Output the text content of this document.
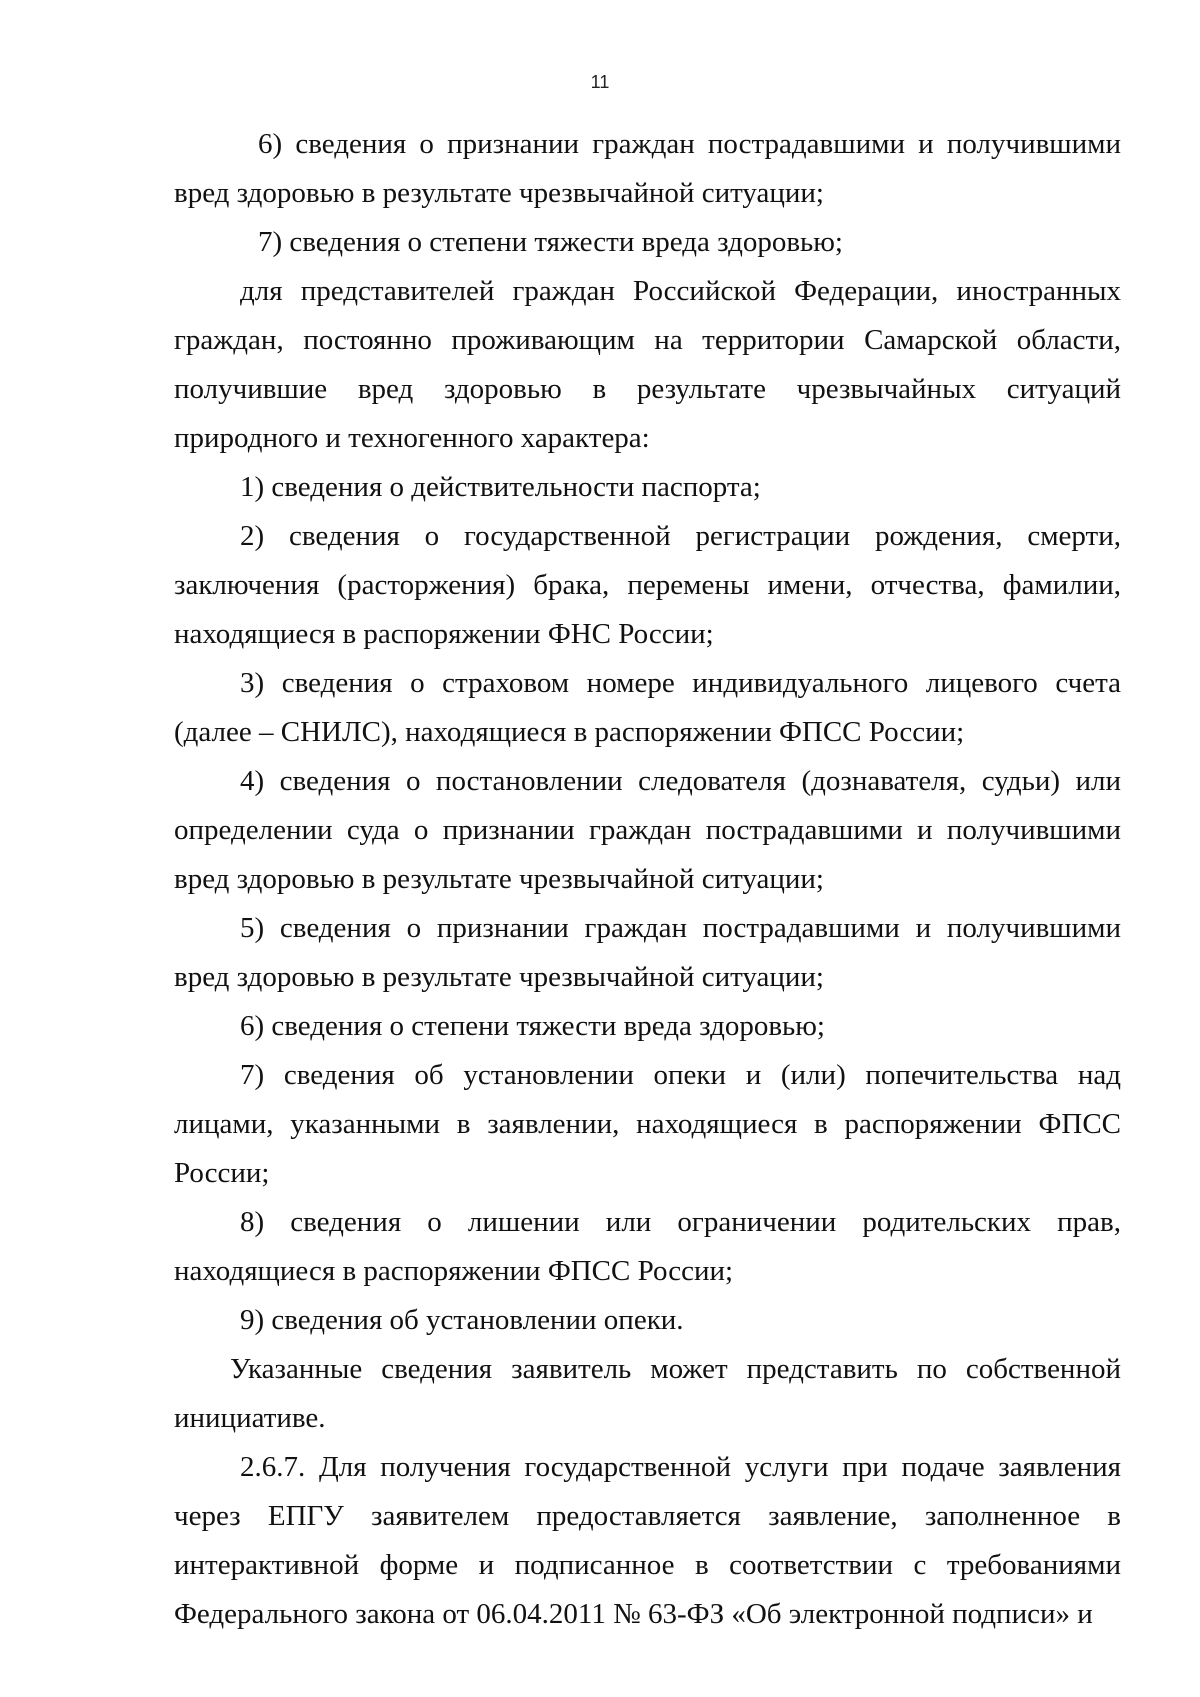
11

6) сведения о признании граждан пострадавшими и получившими вред здоровью в результате чрезвычайной ситуации;

7) сведения о степени тяжести вреда здоровью;

для представителей граждан Российской Федерации, иностранных граждан, постоянно проживающим на территории Самарской области, получившие вред здоровью в результате чрезвычайных ситуаций природного и техногенного характера:

1) сведения о действительности паспорта;

2) сведения о государственной регистрации рождения, смерти, заключения (расторжения) брака, перемены имени, отчества, фамилии, находящиеся в распоряжении ФНС России;

3) сведения о страховом номере индивидуального лицевого счета (далее – СНИЛС), находящиеся в распоряжении ФПСС России;

4) сведения о постановлении следователя (дознавателя, судьи) или определении суда о признании граждан пострадавшими и получившими вред здоровью в результате чрезвычайной ситуации;

5) сведения о признании граждан пострадавшими и получившими вред здоровью в результате чрезвычайной ситуации;

6) сведения о степени тяжести вреда здоровью;

7) сведения об установлении опеки и (или) попечительства над лицами, указанными в заявлении, находящиеся в распоряжении ФПСС России;

8) сведения о лишении или ограничении родительских прав, находящиеся в распоряжении ФПСС России;

9) сведения об установлении опеки.

Указанные сведения заявитель может представить по собственной инициативе.

2.6.7. Для получения государственной услуги при подаче заявления через ЕПГУ заявителем предоставляется заявление, заполненное в интерактивной форме и подписанное в соответствии с требованиями Федерального закона от 06.04.2011 № 63-ФЗ «Об электронной подписи» и
